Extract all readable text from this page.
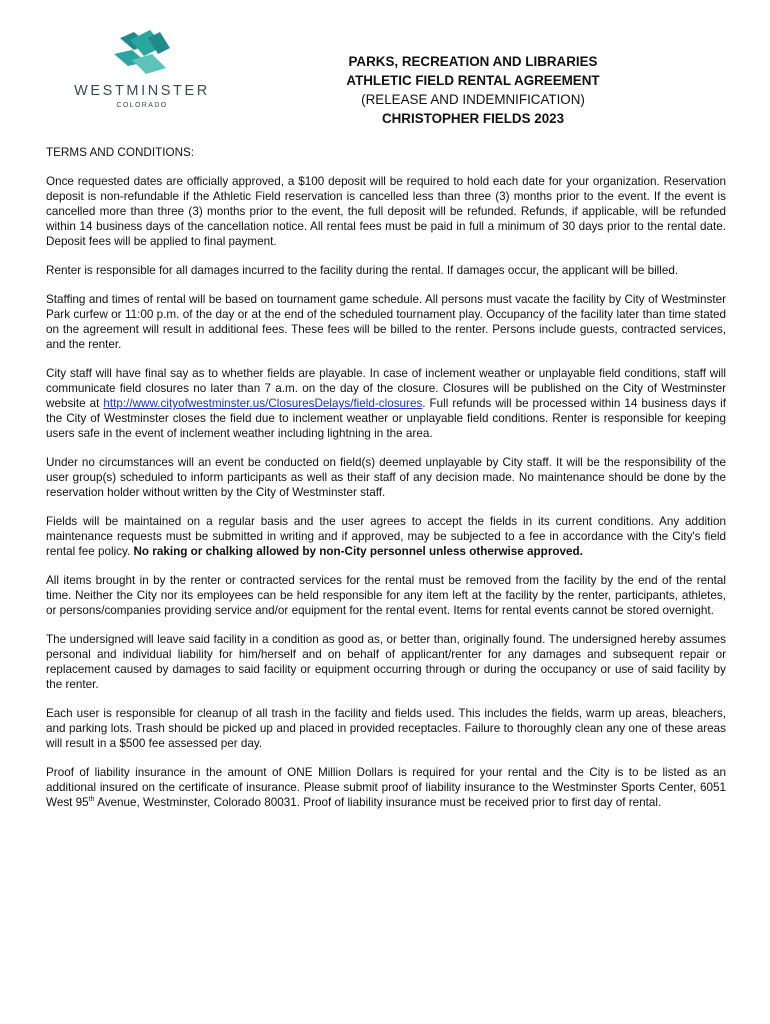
WESTMINSTER
COLORADO
PARKS, RECREATION AND LIBRARIES
ATHLETIC FIELD RENTAL AGREEMENT
(RELEASE AND INDEMNIFICATION)
CHRISTOPHER FIELDS 2023
TERMS AND CONDITIONS:

Once requested dates are officially approved, a $100 deposit will be required to hold each date for your organization. Reservation deposit is non-refundable if the Athletic Field reservation is cancelled less than three (3) months prior to the event. If the event is cancelled more than three (3) months prior to the event, the full deposit will be refunded. Refunds, if applicable, will be refunded within 14 business days of the cancellation notice. All rental fees must be paid in full a minimum of 30 days prior to the rental date. Deposit fees will be applied to final payment.

Renter is responsible for all damages incurred to the facility during the rental. If damages occur, the applicant will be billed.

Staffing and times of rental will be based on tournament game schedule. All persons must vacate the facility by City of Westminster Park curfew or 11:00 p.m. of the day or at the end of the scheduled tournament play. Occupancy of the facility later than time stated on the agreement will result in additional fees. These fees will be billed to the renter. Persons include guests, contracted services, and the renter.

City staff will have final say as to whether fields are playable. In case of inclement weather or unplayable field conditions, staff will communicate field closures no later than 7 a.m. on the day of the closure. Closures will be published on the City of Westminster website at http://www.cityofwestminster.us/ClosuresDelays/field-closures. Full refunds will be processed within 14 business days if the City of Westminster closes the field due to inclement weather or unplayable field conditions. Renter is responsible for keeping users safe in the event of inclement weather including lightning in the area.

Under no circumstances will an event be conducted on field(s) deemed unplayable by City staff. It will be the responsibility of the user group(s) scheduled to inform participants as well as their staff of any decision made. No maintenance should be done by the reservation holder without written by the City of Westminster staff.

Fields will be maintained on a regular basis and the user agrees to accept the fields in its current conditions. Any addition maintenance requests must be submitted in writing and if approved, may be subjected to a fee in accordance with the City's field rental fee policy. No raking or chalking allowed by non-City personnel unless otherwise approved.

All items brought in by the renter or contracted services for the rental must be removed from the facility by the end of the rental time. Neither the City nor its employees can be held responsible for any item left at the facility by the renter, participants, athletes, or persons/companies providing service and/or equipment for the rental event. Items for rental events cannot be stored overnight.

The undersigned will leave said facility in a condition as good as, or better than, originally found. The undersigned hereby assumes personal and individual liability for him/herself and on behalf of applicant/renter for any damages and subsequent repair or replacement caused by damages to said facility or equipment occurring through or during the occupancy or use of said facility by the renter.

Each user is responsible for cleanup of all trash in the facility and fields used. This includes the fields, warm up areas, bleachers, and parking lots. Trash should be picked up and placed in provided receptacles. Failure to thoroughly clean any one of these areas will result in a $500 fee assessed per day.

Proof of liability insurance in the amount of ONE Million Dollars is required for your rental and the City is to be listed as an additional insured on the certificate of insurance. Please submit proof of liability insurance to the Westminster Sports Center, 6051 West 95th Avenue, Westminster, Colorado 80031. Proof of liability insurance must be received prior to first day of rental.
